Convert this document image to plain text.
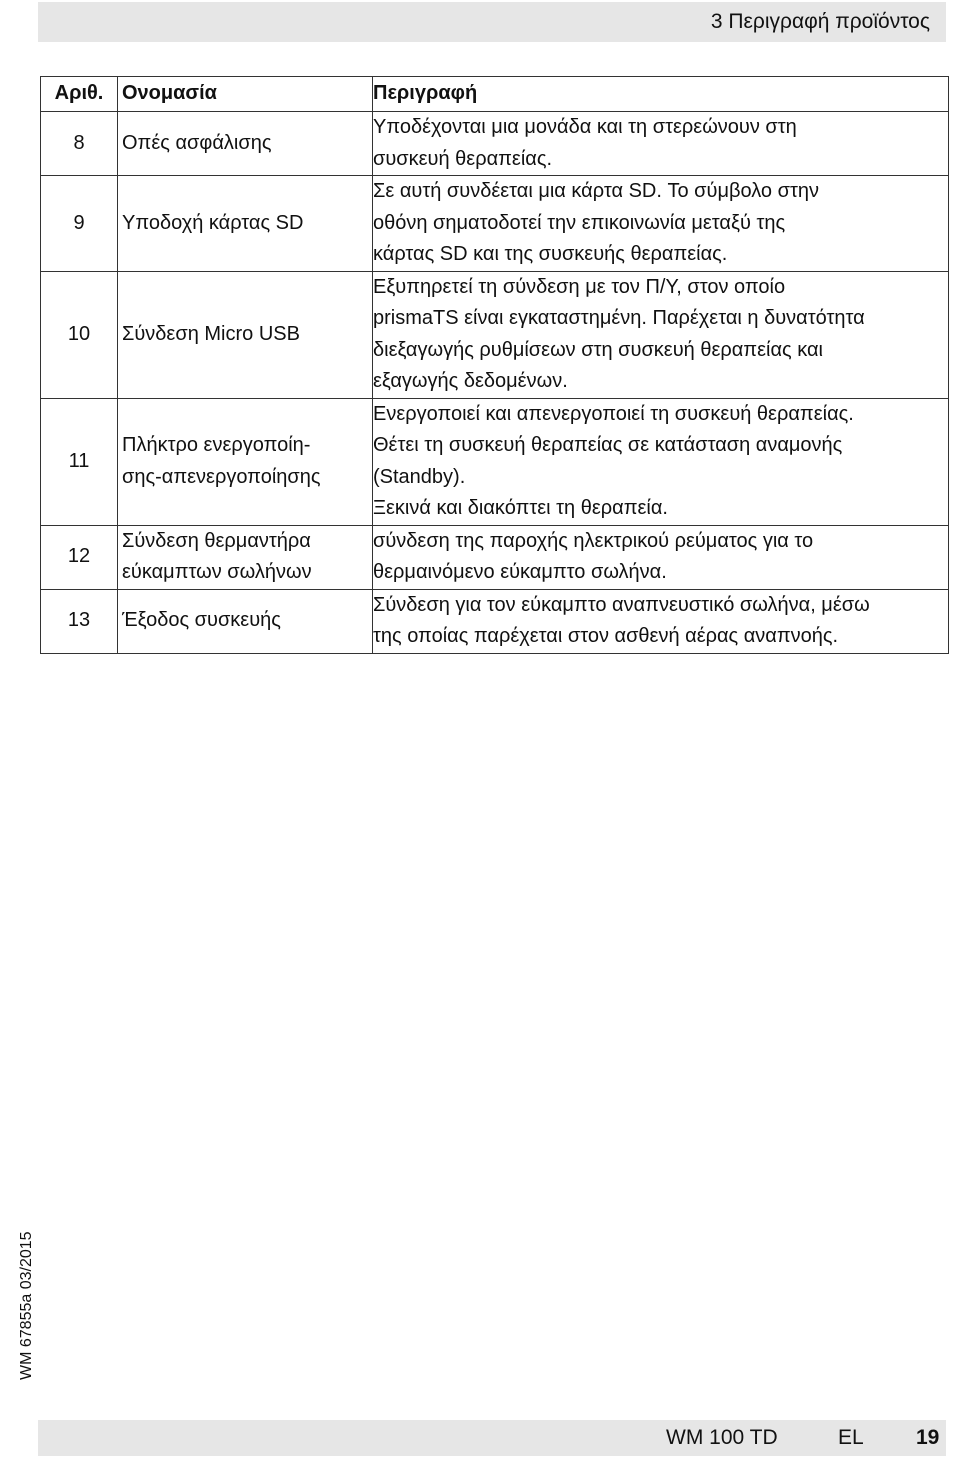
3 Περιγραφή προϊόντος
Αριθ.	Ονομασία	Περιγραφή
8	Οπές ασφάλισης	Υποδέχονται μια μονάδα και τη στερεώνουν στη
συσκευή θεραπείας.

9	Υποδοχή κάρτας SD	Σε αυτή συνδέεται μια κάρτα SD. Το σύμβολο στην
οθόνη σηματοδοτεί την επικοινωνία μεταξύ της
κάρτας SD και της συσκευής θεραπείας.

10	Σύνδεση Micro USB	Εξυπηρετεί τη σύνδεση με τον Π/Υ, στον οποίο
prismaTS είναι εγκαταστημένη. Παρέχεται η δυνατότητα
διεξαγωγής ρυθμίσεων στη συσκευή θεραπείας και
εξαγωγής δεδομένων.

11	Πλήκτρο ενεργοποίη-
σης-απενεργοποίησης	Ενεργοποιεί και απενεργοποιεί τη συσκευή θεραπείας.
Θέτει τη συσκευή θεραπείας σε κατάσταση αναμονής
(Standby).
Ξεκινά και διακόπτει τη θεραπεία.

12	Σύνδεση θερμαντήρα
εύκαμπτων σωλήνων	σύνδεση της παροχής ηλεκτρικού ρεύματος για το
θερμαινόμενο εύκαμπτο σωλήνα.

13	Έξοδος συσκευής	Σύνδεση για τον εύκαμπτο αναπνευστικό σωλήνα, μέσω
της οποίας παρέχεται στον ασθενή αέρας αναπνοής.
WM 100 TD	EL 19
WM 67855a 03/2015
